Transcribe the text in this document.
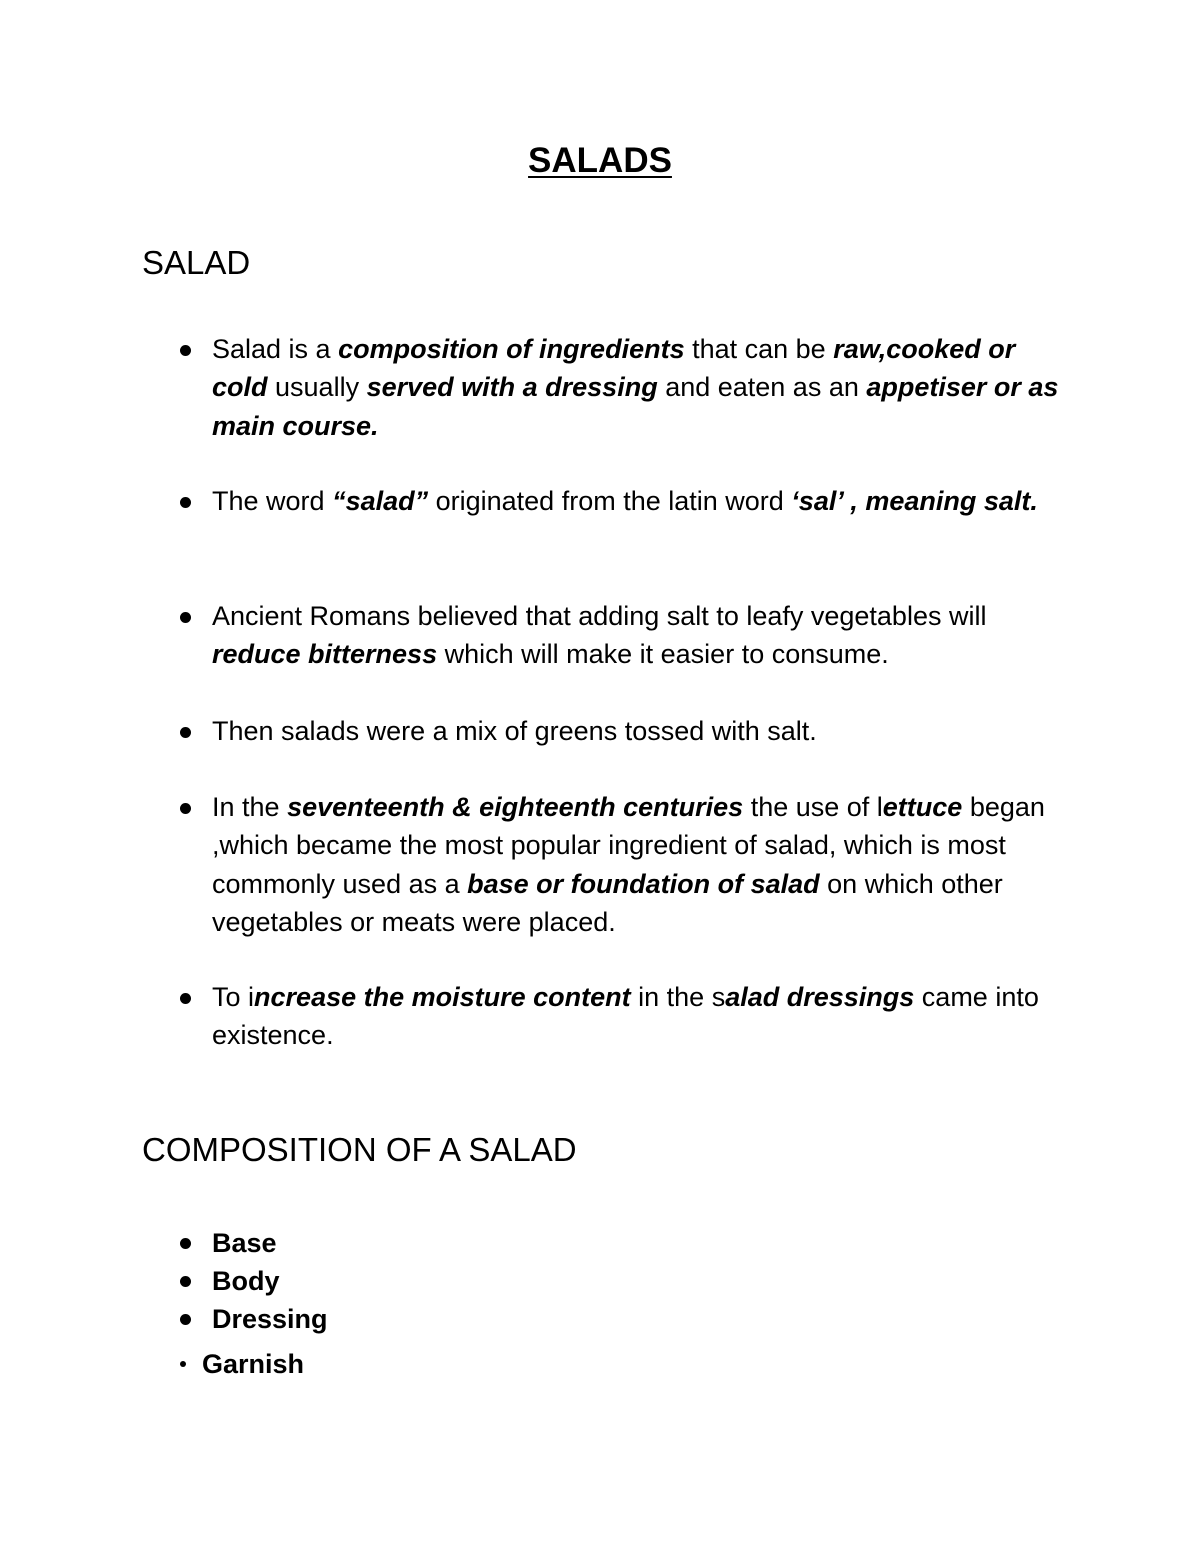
SALADS
SALAD

Salad is a composition of ingredients that can be raw,cooked or cold usually served with a dressing and eaten as an appetiser or as main course.

The word “salad” originated from the latin word ‘sal’ , meaning salt.

Ancient Romans believed that adding salt to leafy vegetables will reduce bitterness which will make it easier to consume.

Then salads were a mix of greens tossed with salt.

In the seventeenth & eighteenth centuries the use of lettuce began ,which became the most popular ingredient of salad, which is most commonly used as a base or foundation of salad on which other vegetables or meats were placed.

To increase the moisture content in the salad dressings came into existence.

COMPOSITION OF A SALAD
Base
Body
Dressing
Garnish
